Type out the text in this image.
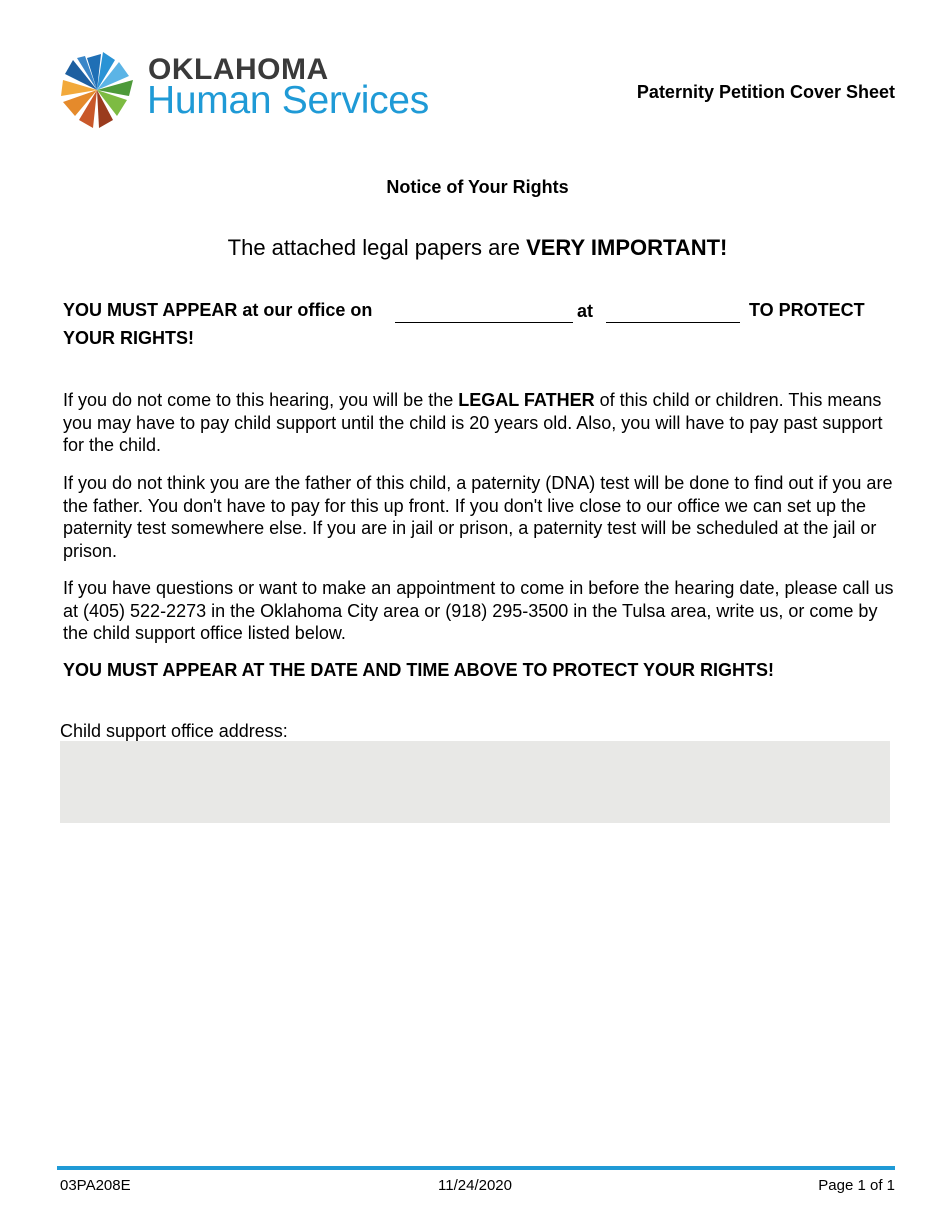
OKLAHOMA
Human Services	Paternity Petition Cover Sheet
Notice of Your Rights
The attached legal papers are VERY IMPORTANT!
YOU MUST APPEAR at our office on	at	TO PROTECT
YOUR RIGHTS!
If you do not come to this hearing, you will be the LEGAL FATHER of this child or children. This means you may have to pay child support until the child is 20 years old. Also, you will have to pay past support for the child.
If you do not think you are the father of this child, a paternity (DNA) test will be done to find out if you are the father. You don't have to pay for this up front. If you don't live close to our office we can set up the paternity test somewhere else. If you are in jail or prison, a paternity test will be scheduled at the jail or prison.
If you have questions or want to make an appointment to come in before the hearing date, please call us at (405) 522-2273 in the Oklahoma City area or (918) 295-3500 in the Tulsa area, write us, or come by the child support office listed below.
YOU MUST APPEAR AT THE DATE AND TIME ABOVE TO PROTECT YOUR RIGHTS!
Child support office address:
03PA208E	11/24/2020	Page 1 of 1
